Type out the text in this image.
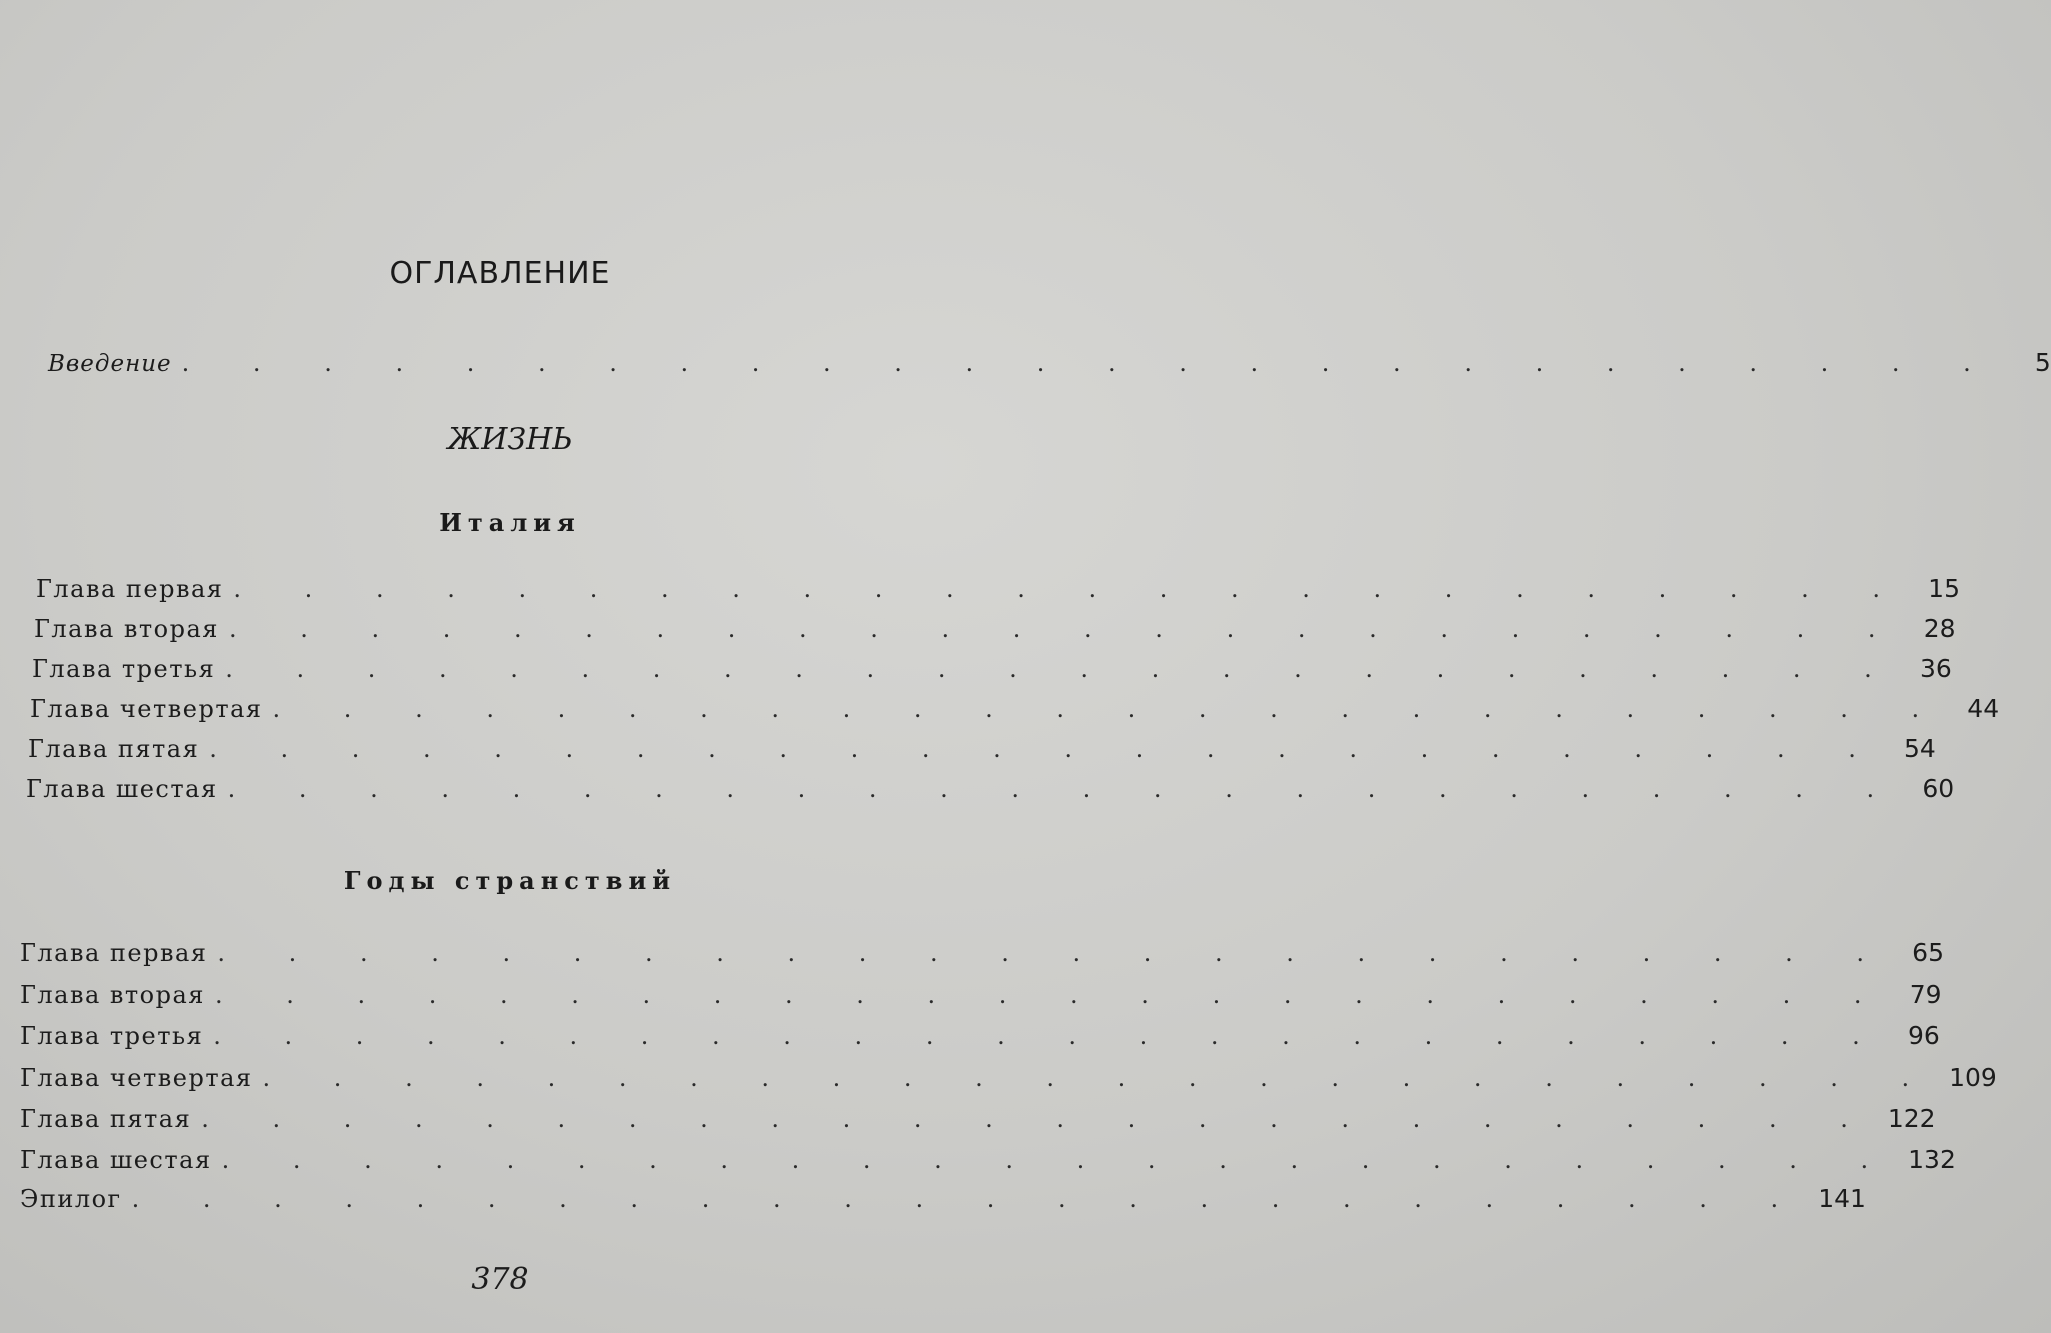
ОГЛАВЛЕНИЕ
Введение . . . . . . . . . . . . . . . . . . . . . . . . . .	5
ЖИЗНЬ
Италия
Глава первая . . . . . . . . . . . . . . . . . . . . . . . . 15
Глава вторая . . . . . . . . . . . . . . . . . . . . . . . . 28
Глава третья . . . . . . . . . . . . . . . . . . . . . . . . 36
Глава четвертая . . . . . . . . . . . . . . . . . . . . . . . . 44
Глава пятая . . . . . . . . . . . . . . . . . . . . . . . . 54
Глава шестая . . . . . . . . . . . . . . . . . . . . . . . . 60
Годы странствий
Глава первая . . . . . . . . . . . . . . . . . . . . . . . . 65
Глава вторая . . . . . . . . . . . . . . . . . . . . . . . . 79
Глава третья . . . . . . . . . . . . . . . . . . . . . . . . 96
Глава четвертая . . . . . . . . . . . . . . . . . . . . . . . . 109
Глава пятая . . . . . . . . . . . . . . . . . . . . . . . . 122
Глава шестая . . . . . . . . . . . . . . . . . . . . . . . . 132
Эпилог . . . . . . . . . . . . . . . . . . . . . . . . 141
378
